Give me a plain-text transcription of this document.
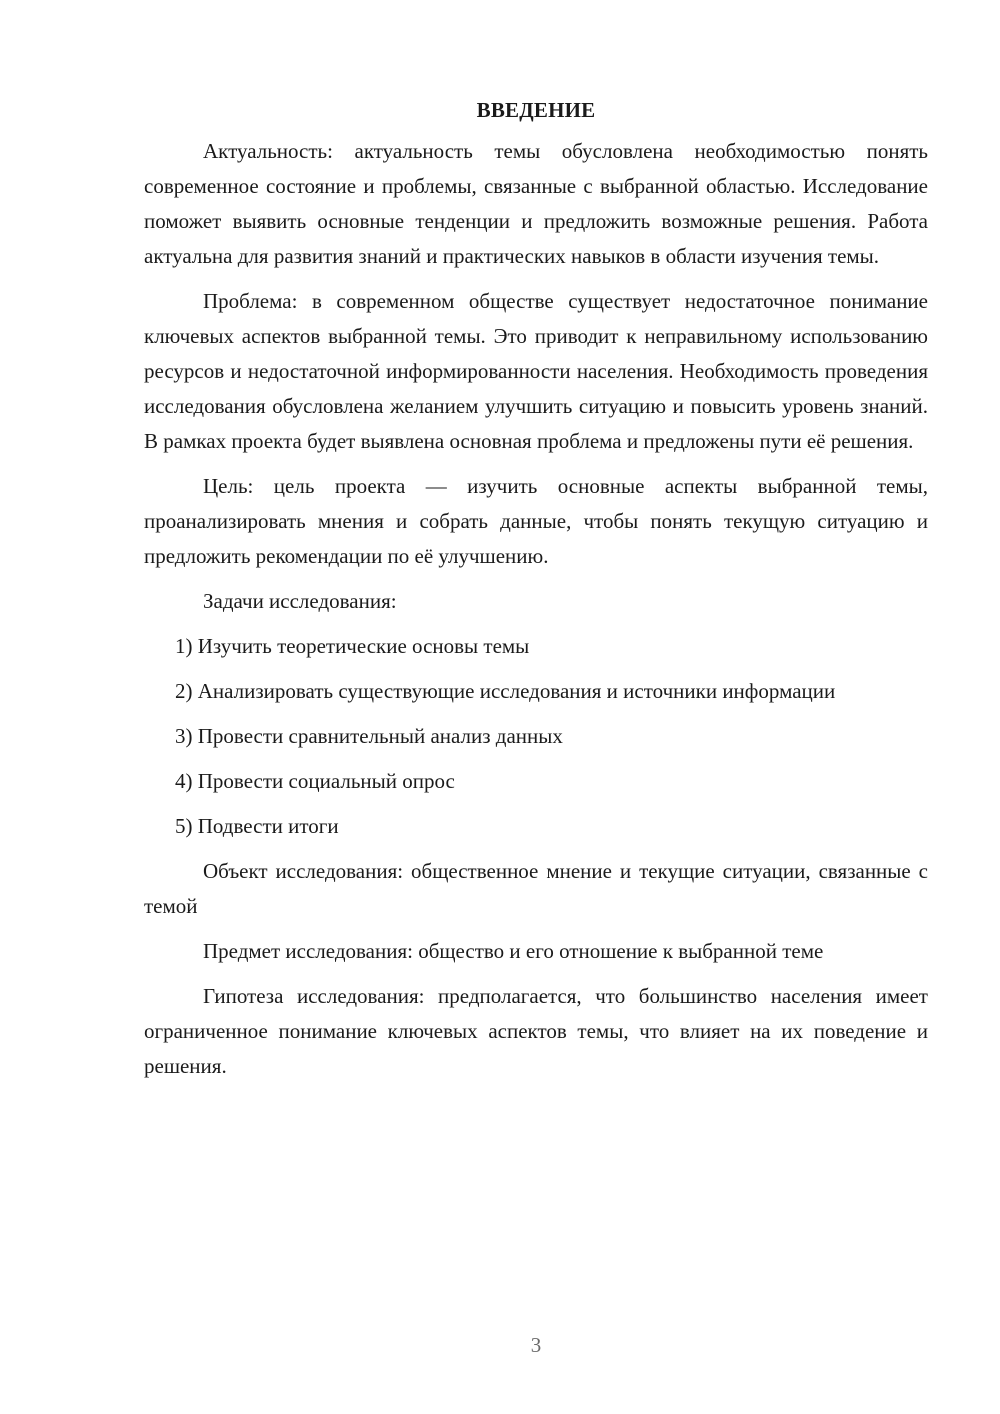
ВВЕДЕНИЕ

Актуальность: актуальность темы обусловлена необходимостью понять современное состояние и проблемы, связанные с выбранной областью. Исследование поможет выявить основные тенденции и предложить возможные решения. Работа актуальна для развития знаний и практических навыков в области изучения темы.

Проблема: в современном обществе существует недостаточное понимание ключевых аспектов выбранной темы. Это приводит к неправильному использованию ресурсов и недостаточной информированности населения. Необходимость проведения исследования обусловлена желанием улучшить ситуацию и повысить уровень знаний. В рамках проекта будет выявлена основная проблема и предложены пути её решения.

Цель: цель проекта — изучить основные аспекты выбранной темы, проанализировать мнения и собрать данные, чтобы понять текущую ситуацию и предложить рекомендации по её улучшению.

Задачи исследования:

1) Изучить теоретические основы темы

2) Анализировать существующие исследования и источники информации

3) Провести сравнительный анализ данных

4) Провести социальный опрос

5) Подвести итоги

Объект исследования: общественное мнение и текущие ситуации, связанные с темой

Предмет исследования: общество и его отношение к выбранной теме

Гипотеза исследования: предполагается, что большинство населения имеет ограниченное понимание ключевых аспектов темы, что влияет на их поведение и решения.

3
